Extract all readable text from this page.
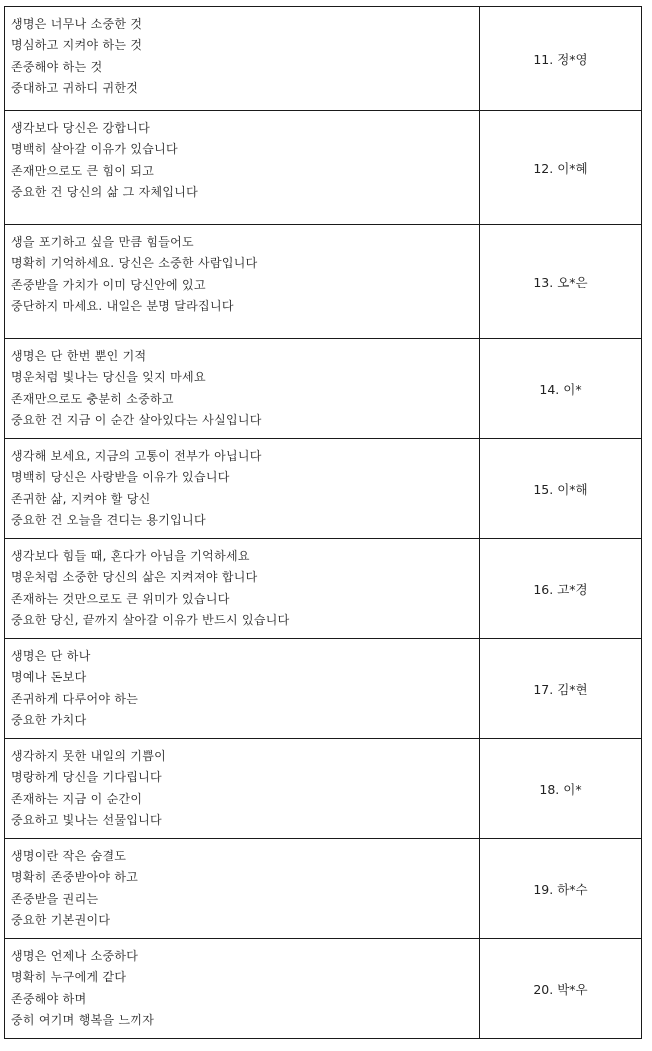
생명은 너무나 소중한 것
명심하고 지켜야 하는 것
존중해야 하는 것
중대하고 귀하디 귀한것	11. 정*영

생각보다 당신은 강합니다
명백히 살아갈 이유가 있습니다
존재만으로도 큰 힘이 되고
중요한 건 당신의 삶 그 자체입니다	12. 이*혜

생을 포기하고 싶을 만큼 힘들어도
명확히 기억하세요. 당신은 소중한 사람입니다
존중받을 가치가 이미 당신안에 있고
중단하지 마세요. 내일은 분명 달라집니다	13. 오*은

생명은 단 한번 뿐인 기적
명운처럼 빛나는 당신을 잊지 마세요
존재만으로도 충분히 소중하고
중요한 건 지금 이 순간 살아있다는 사실입니다	14. 이*

생각해 보세요, 지금의 고통이 전부가 아닙니다
명백히 당신은 사랑받을 이유가 있습니다
존귀한 삶, 지켜야 할 당신
중요한 건 오늘을 견디는 용기입니다	15. 이*해

생각보다 힘들 때, 혼다가 아님을 기억하세요
명운처럼 소중한 당신의 삶은 지켜져야 합니다
존재하는 것만으로도 큰 위미가 있습니다
중요한 당신, 끝까지 살아갈 이유가 반드시 있습니다	16. 고*경

생명은 단 하나
명예나 돈보다
존귀하게 다루어야 하는
중요한 가치다	17. 김*현

생각하지 못한 내일의 기쁨이
명랑하게 당신을 기다립니다
존재하는 지금 이 순간이
중요하고 빛나는 선물입니다	18. 이*

생명이란 작은 숨결도
명확히 존중받아야 하고
존중받을 권리는
중요한 기본권이다	19. 하*수

생명은 언제나 소중하다
명확히 누구에게 같다
존중해야 하며
중히 여기며 행복을 느끼자	20. 박*우
